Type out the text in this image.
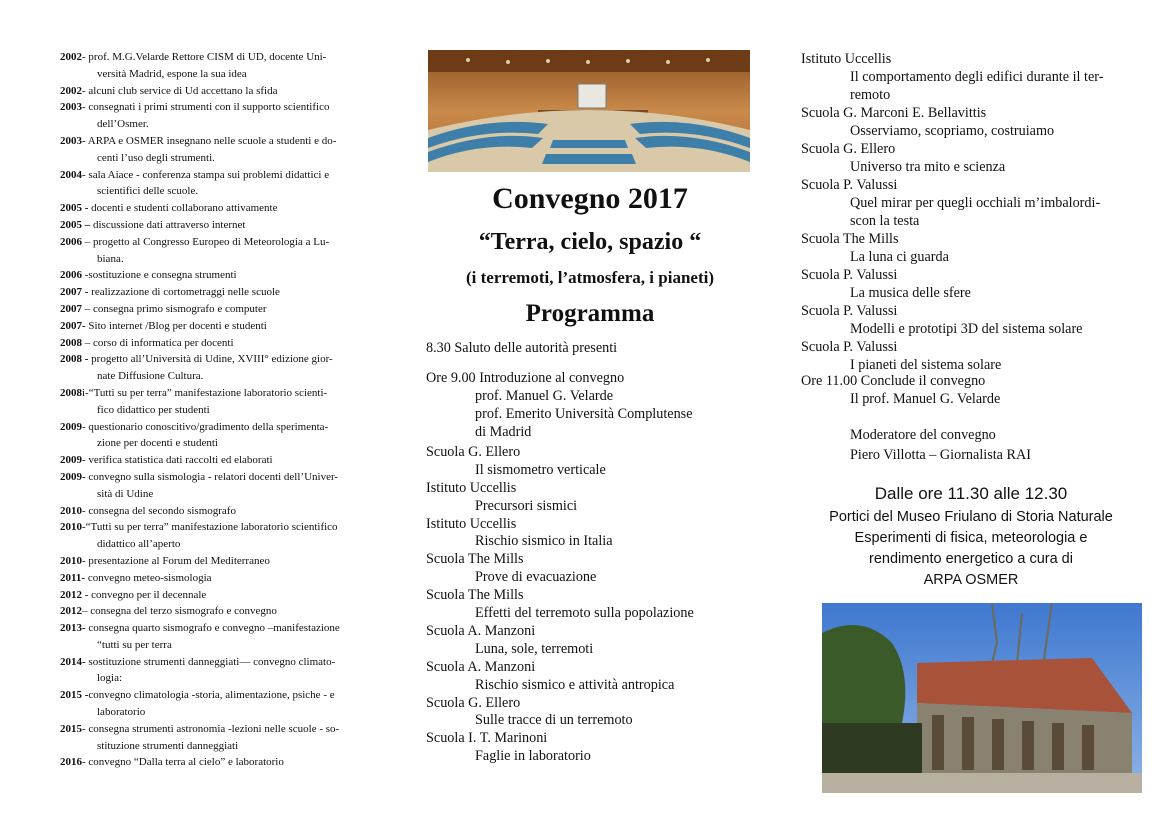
2002- prof. M.G.Velarde Rettore CISM di UD, docente Uni-
versità Madrid, espone la sua idea
2002- alcuni club service di Ud accettano la sfida
2003- consegnati i primi strumenti con il supporto scientifico
dell’Osmer.
2003- ARPA e OSMER insegnano nelle scuole a studenti e do-
centi l’uso degli strumenti.
2004- sala Aiace - conferenza stampa sui problemi didattici e
scientifici delle scuole.
2005 - docenti e studenti collaborano attivamente
2005 – discussione dati attraverso internet
2006 – progetto al Congresso Europeo di Meteorologia a Lu-
biana.
2006 -sostituzione e consegna strumenti
2007 - realizzazione di cortometraggi nelle scuole
2007 – consegna primo sismografo e computer
2007- Sito internet /Blog per docenti e studenti
2008 – corso di informatica per docenti
2008 - progetto all’Università di Udine, XVIII° edizione gior-
nate Diffusione Cultura.
2008i-“Tutti su per terra” manifestazione laboratorio scienti-
fico didattico per studenti
2009- questionario conoscitivo/gradimento della sperimenta-
zione per docenti e studenti
2009- verifica statistica dati raccolti ed elaborati
2009- convegno sulla sismologia - relatori docenti dell’Univer-
sità di Udine
2010- consegna del secondo sismografo
2010-“Tutti su per terra” manifestazione laboratorio scientifico
didattico all’aperto
2010- presentazione al Forum del Mediterraneo
2011- convegno meteo-sismologia
2012 - convegno per il decennale
2012– consegna del terzo sismografo e convegno
2013- consegna quarto sismografo e convegno –manifestazione
“tutti su per terra
2014- sostituzione strumenti danneggiati— convegno climato-
logia:
2015 -convegno climatologia -storia, alimentazione, psiche - e
laboratorio
2015- consegna strumenti astronomia -lezioni nelle scuole - so-
stituzione strumenti danneggiati
2016- convegno “Dalla terra al cielo” e laboratorio
Convegno 2017
“Terra, cielo, spazio “
(i terremoti, l’atmosfera, i pianeti)
Programma
8.30 Saluto delle autorità presenti
Ore 9.00 Introduzione al convegno
prof. Manuel G. Velarde
prof. Emerito Università Complutense
di Madrid
Scuola G. Ellero
Il sismometro verticale
Istituto Uccellis
Precursori sismici
Istituto Uccellis
Rischio sismico in Italia
Scuola The Mills
Prove di evacuazione
Scuola The Mills
Effetti del terremoto sulla popolazione
Scuola A. Manzoni
Luna, sole, terremoti
Scuola A. Manzoni
Rischio sismico e attività antropica
Scuola G. Ellero
Sulle tracce di un terremoto
Scuola I. T. Marinoni
Faglie in laboratorio
Istituto Uccellis
Il comportamento degli edifici durante il ter-
remoto
Scuola G. Marconi E. Bellavittis
Osserviamo, scopriamo, costruiamo
Scuola G. Ellero
Universo tra mito e scienza
Scuola P. Valussi
Quel mirar per quegli occhiali m’imbalordi-
scon la testa
Scuola The Mills
La luna ci guarda
Scuola P. Valussi
La musica delle sfere
Scuola P. Valussi
Modelli e prototipi 3D del sistema solare
Scuola P. Valussi
I pianeti del sistema solare
Ore 11.00 Conclude il convegno
Il prof. Manuel G. Velarde
Moderatore del convegno
Piero Villotta – Giornalista RAI
Dalle ore 11.30 alle 12.30
Portici del Museo Friulano di Storia Naturale
Esperimenti di fisica, meteorologia e
rendimento energetico a cura di
ARPA OSMER
